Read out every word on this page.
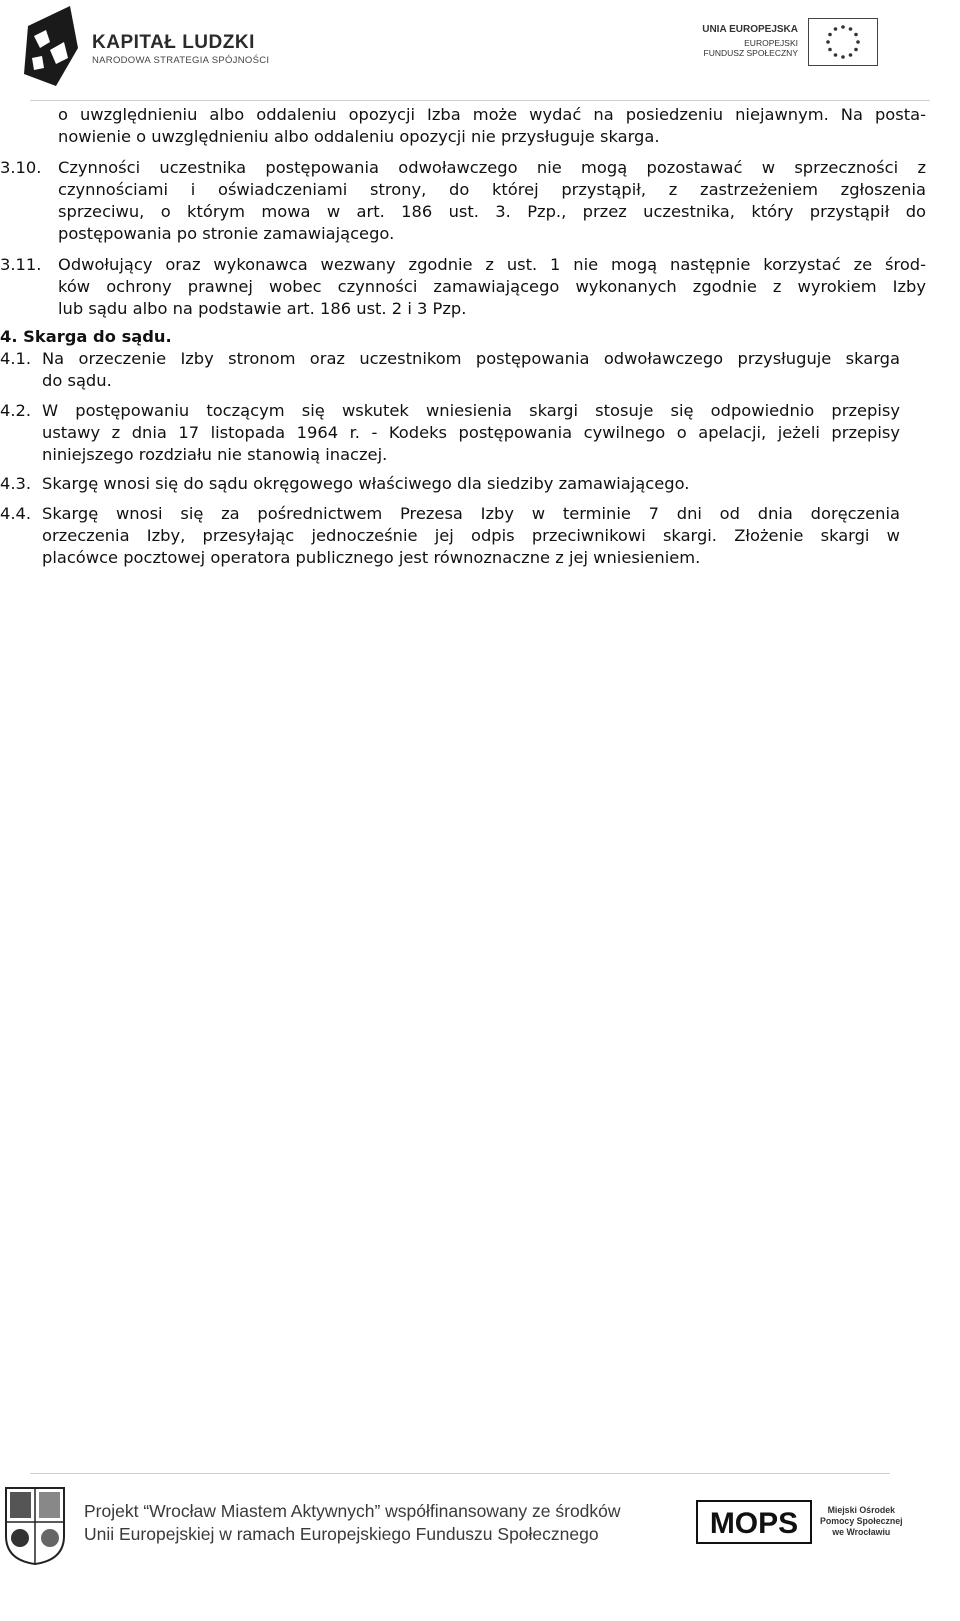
KAPITAŁ LUDZKI
NARODOWA STRATEGIA SPÓJNOŚCI
UNIA EUROPEJSKA
EUROPEJSKI
FUNDUSZ SPOŁECZNY
o uwzględnieniu albo oddaleniu opozycji Izba może wydać na posiedzeniu niejawnym. Na posta-
nowienie o uwzględnieniu albo oddaleniu opozycji nie przysługuje skarga.
3.10. Czynności uczestnika postępowania odwoławczego nie mogą pozostawać w sprzeczności z
czynnościami i oświadczeniami strony, do której przystąpił, z zastrzeżeniem zgłoszenia
sprzeciwu, o którym mowa w art. 186 ust. 3. Pzp., przez uczestnika, który przystąpił do
postępowania po stronie zamawiającego.
3.11. Odwołujący oraz wykonawca wezwany zgodnie z ust. 1 nie mogą następnie korzystać ze środ-
ków ochrony prawnej wobec czynności zamawiającego wykonanych zgodnie z wyrokiem Izby
lub sądu albo na podstawie art. 186 ust. 2 i 3 Pzp.
4. Skarga do sądu.
4.1. Na orzeczenie Izby stronom oraz uczestnikom postępowania odwoławczego przysługuje skarga
do sądu.
4.2. W postępowaniu toczącym się wskutek wniesienia skargi stosuje się odpowiednio przepisy
ustawy z dnia 17 listopada 1964 r. - Kodeks postępowania cywilnego o apelacji, jeżeli przepisy
niniejszego rozdziału nie stanowią inaczej.
4.3. Skargę wnosi się do sądu okręgowego właściwego dla siedziby zamawiającego.
4.4. Skargę wnosi się za pośrednictwem Prezesa Izby w terminie 7 dni od dnia doręczenia
orzeczenia Izby, przesyłając jednocześnie jej odpis przeciwnikowi skargi. Złożenie skargi w
placówce pocztowej operatora publicznego jest równoznaczne z jej wniesieniem.
Projekt “Wrocław Miastem Aktywnych” współfinansowany ze środków
Unii Europejskiej w ramach Europejskiego Funduszu Społecznego	MOPS	Miejski Ośrodek
Pomocy Społecznej
we Wrocławiu
